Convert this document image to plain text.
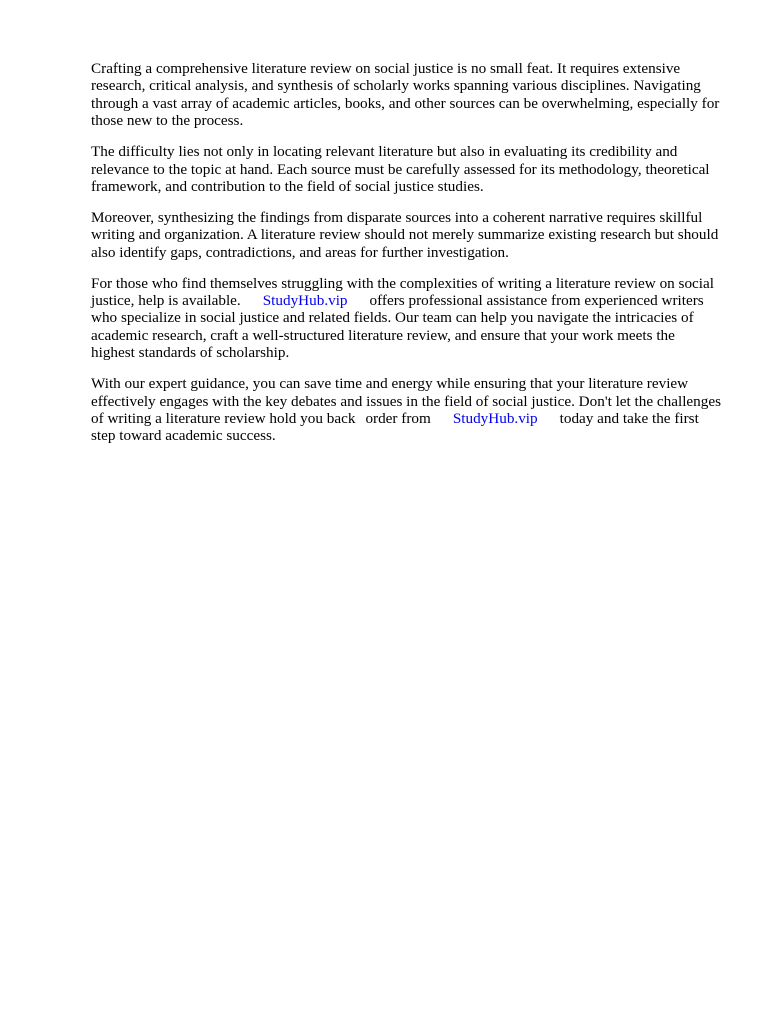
Crafting a comprehensive literature review on social justice is no small feat. It requires extensive research, critical analysis, and synthesis of scholarly works spanning various disciplines. Navigating through a vast array of academic articles, books, and other sources can be overwhelming, especially for those new to the process.

The difficulty lies not only in locating relevant literature but also in evaluating its credibility and relevance to the topic at hand. Each source must be carefully assessed for its methodology, theoretical framework, and contribution to the field of social justice studies.

Moreover, synthesizing the findings from disparate sources into a coherent narrative requires skillful writing and organization. A literature review should not merely summarize existing research but should also identify gaps, contradictions, and areas for further investigation.

For those who find themselves struggling with the complexities of writing a literature review on social justice, help is available. StudyHub.vip offers professional assistance from experienced writers who specialize in social justice and related fields. Our team can help you navigate the intricacies of academic research, craft a well-structured literature review, and ensure that your work meets the highest standards of scholarship.

With our expert guidance, you can save time and energy while ensuring that your literature review effectively engages with the key debates and issues in the field of social justice. Don't let the challenges of writing a literature review hold you back order from StudyHub.vip today and take the first step toward academic success.
